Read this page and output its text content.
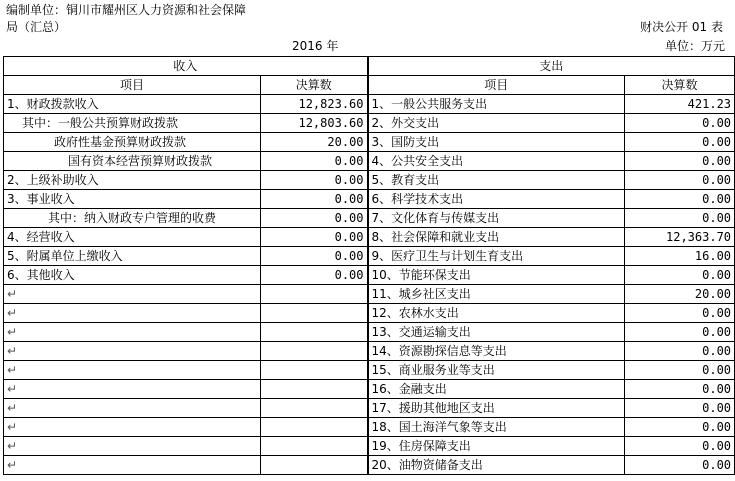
编制单位：铜川市耀州区人力资源和社会保障
局（汇总）	财决公开 01 表
2016 年	单位：万元
收入		支出	
项目	决算数	项目	决算数
1、财政拨款收入	12,823.60	1、一般公共服务支出	421.23
其中：一般公共预算财政拨款	12,803.60	2、外交支出	0.00
政府性基金预算财政拨款	20.00	3、国防支出	0.00
国有资本经营预算财政拨款	0.00	4、公共安全支出	0.00
2、上级补助收入	0.00	5、教育支出	0.00
3、事业收入	0.00	6、科学技术支出	0.00
其中：纳入财政专户管理的收费	0.00	7、文化体育与传媒支出	0.00
4、经营收入	0.00	8、社会保障和就业支出	12,363.70
5、附属单位上缴收入	0.00	9、医疗卫生与计划生育支出	16.00
6、其他收入	0.00	10、节能环保支出	0.00
↵		11、城乡社区支出	20.00
↵		12、农林水支出	0.00
↵		13、交通运输支出	0.00
↵		14、资源勘探信息等支出	0.00
↵		15、商业服务业等支出	0.00
↵		16、金融支出	0.00
↵		17、援助其他地区支出	0.00
↵		18、国土海洋气象等支出	0.00
↵		19、住房保障支出	0.00
↵		20、油物资储备支出	0.00
